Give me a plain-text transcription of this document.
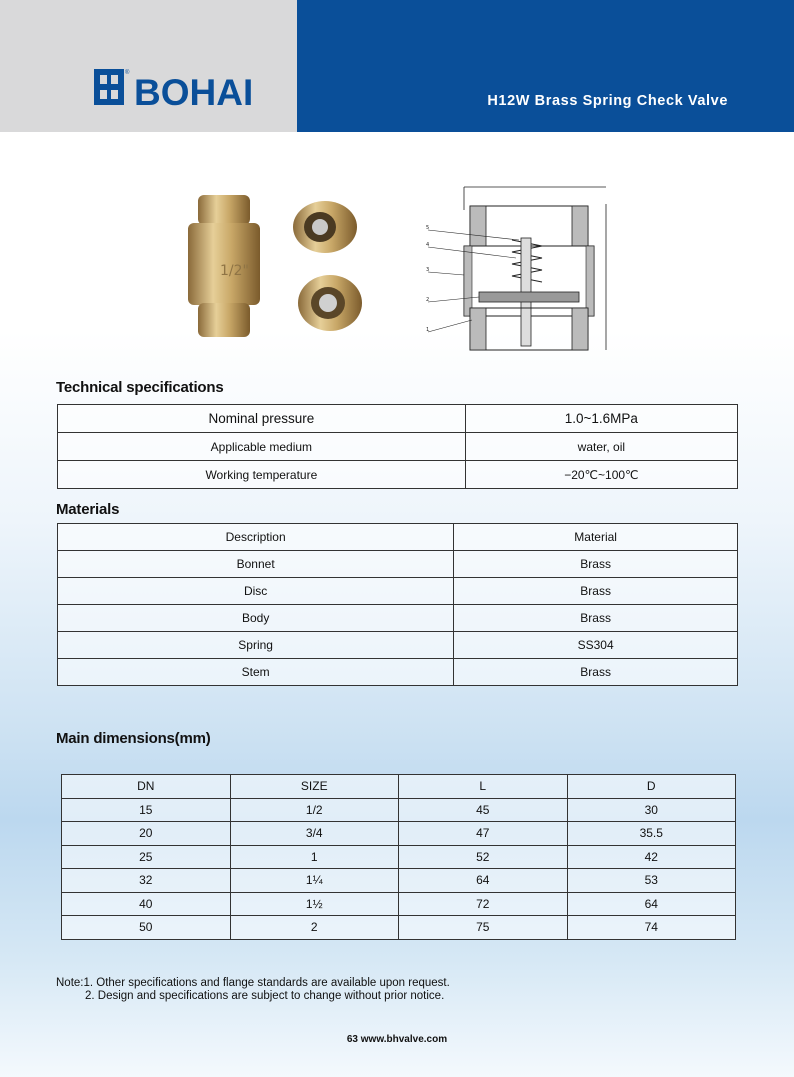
® BOHAI	H12W Brass Spring Check Valve
1/2"
5
4
3
2
1
Technical specifications
Nominal pressure	1.0~1.6MPa
Applicable medium	water, oil
Working temperature	−20℃~100℃
Materials
Description	Material
Bonnet	Brass
Disc	Brass
Body	Brass
Spring	SS304
Stem	Brass
Main dimensions(mm)
DN	SIZE	L	D
15	1/2	45	30
20	3/4	47	35.5
25	1	52	42
32	1¼	64	53
40	1½	72	64
50	2	75	74
Note:1. Other specifications and flange standards are available upon request.
2. Design and specifications are subject to change without prior notice.
63 www.bhvalve.com
